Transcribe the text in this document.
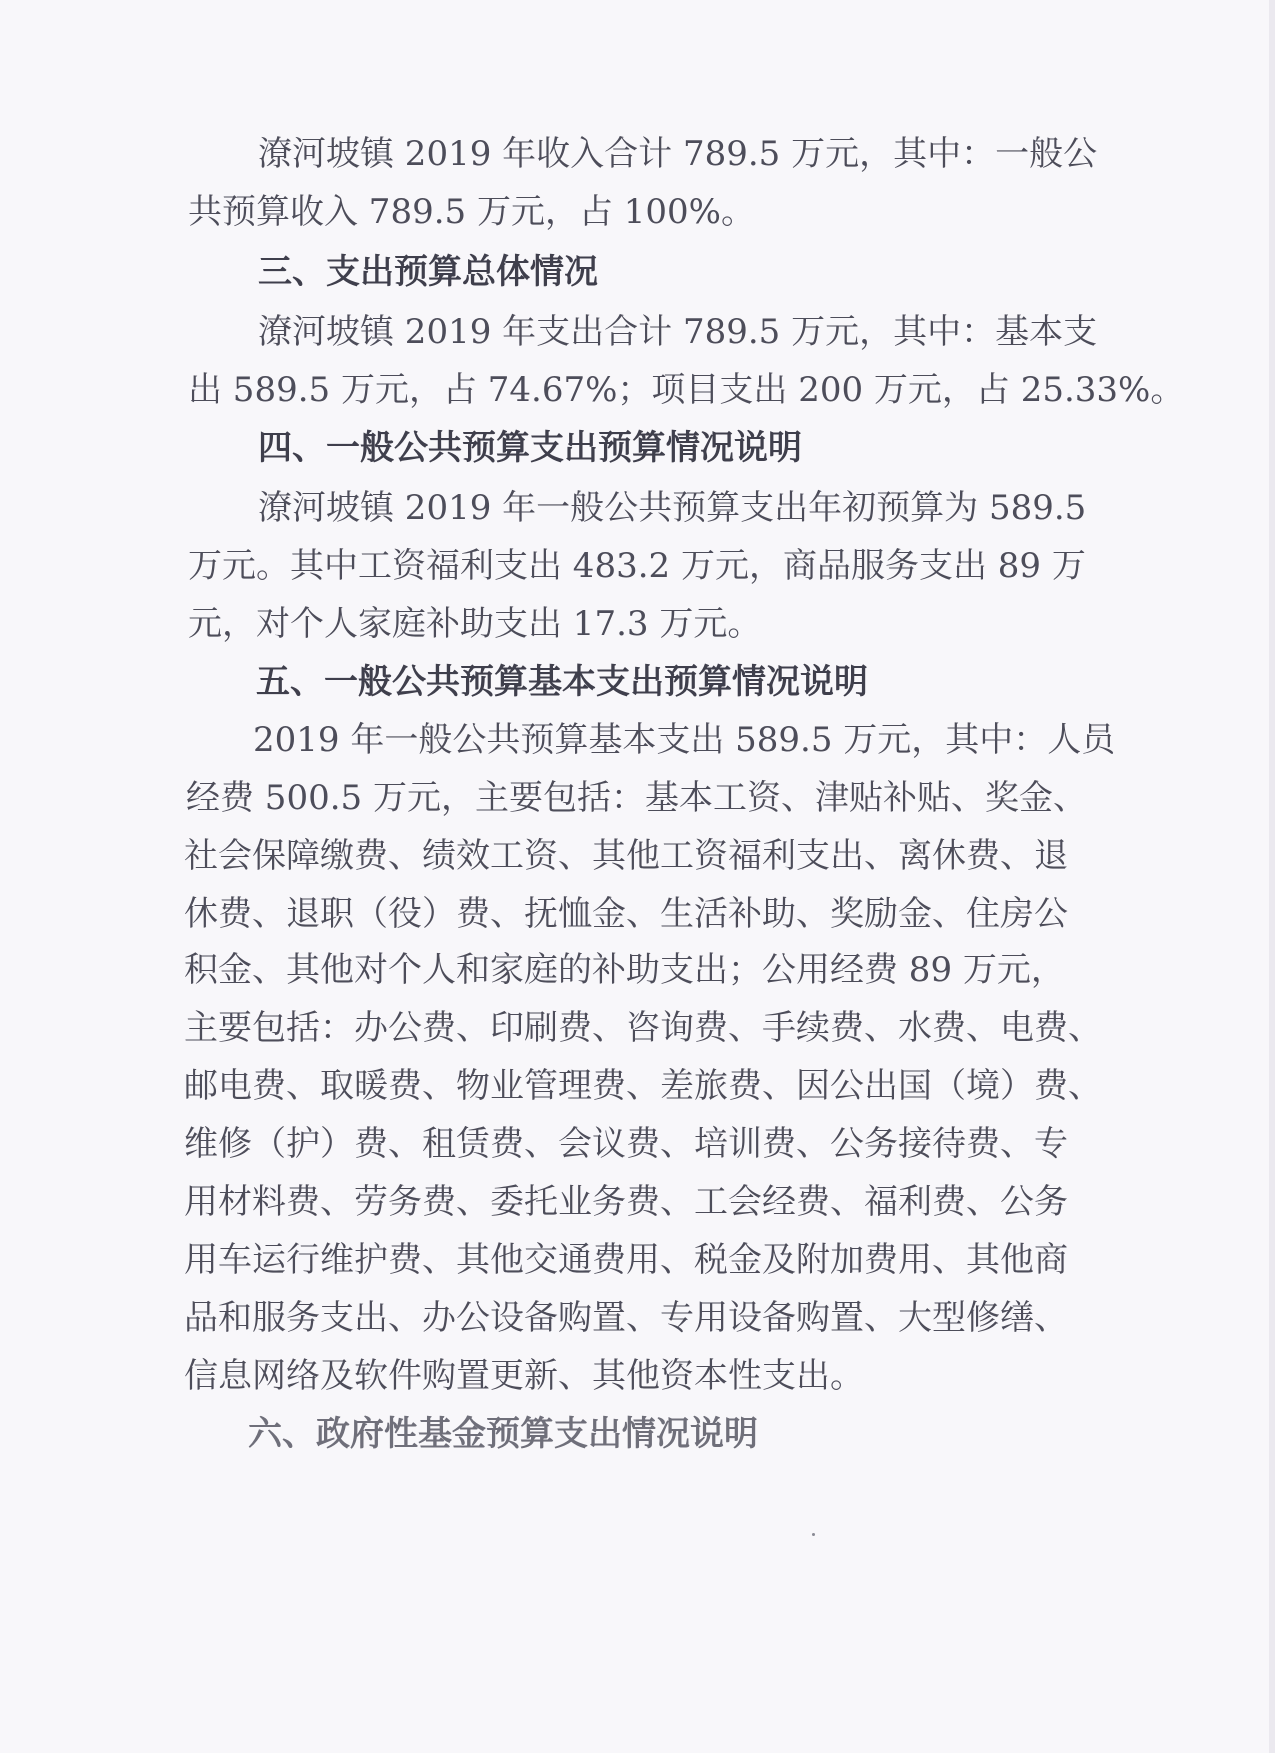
潦河坡镇 2019 年收入合计 789.5 万元，其中：一般公
共预算收入 789.5 万元，占 100%。
三、支出预算总体情况
潦河坡镇 2019 年支出合计 789.5 万元，其中：基本支
出 589.5 万元，占 74.67%；项目支出 200 万元，占 25.33%。
四、一般公共预算支出预算情况说明
潦河坡镇 2019 年一般公共预算支出年初预算为 589.5
万元。其中工资福利支出 483.2 万元，商品服务支出 89 万
元，对个人家庭补助支出 17.3 万元。
五、一般公共预算基本支出预算情况说明
2019 年一般公共预算基本支出 589.5 万元，其中：人员
经费 500.5 万元，主要包括：基本工资、津贴补贴、奖金、
社会保障缴费、绩效工资、其他工资福利支出、离休费、退
休费、退职（役）费、抚恤金、生活补助、奖励金、住房公
积金、其他对个人和家庭的补助支出；公用经费 89 万元，
主要包括：办公费、印刷费、咨询费、手续费、水费、电费、
邮电费、取暖费、物业管理费、差旅费、因公出国（境）费、
维修（护）费、租赁费、会议费、培训费、公务接待费、专
用材料费、劳务费、委托业务费、工会经费、福利费、公务
用车运行维护费、其他交通费用、税金及附加费用、其他商
品和服务支出、办公设备购置、专用设备购置、大型修缮、
信息网络及软件购置更新、其他资本性支出。
六、政府性基金预算支出情况说明
